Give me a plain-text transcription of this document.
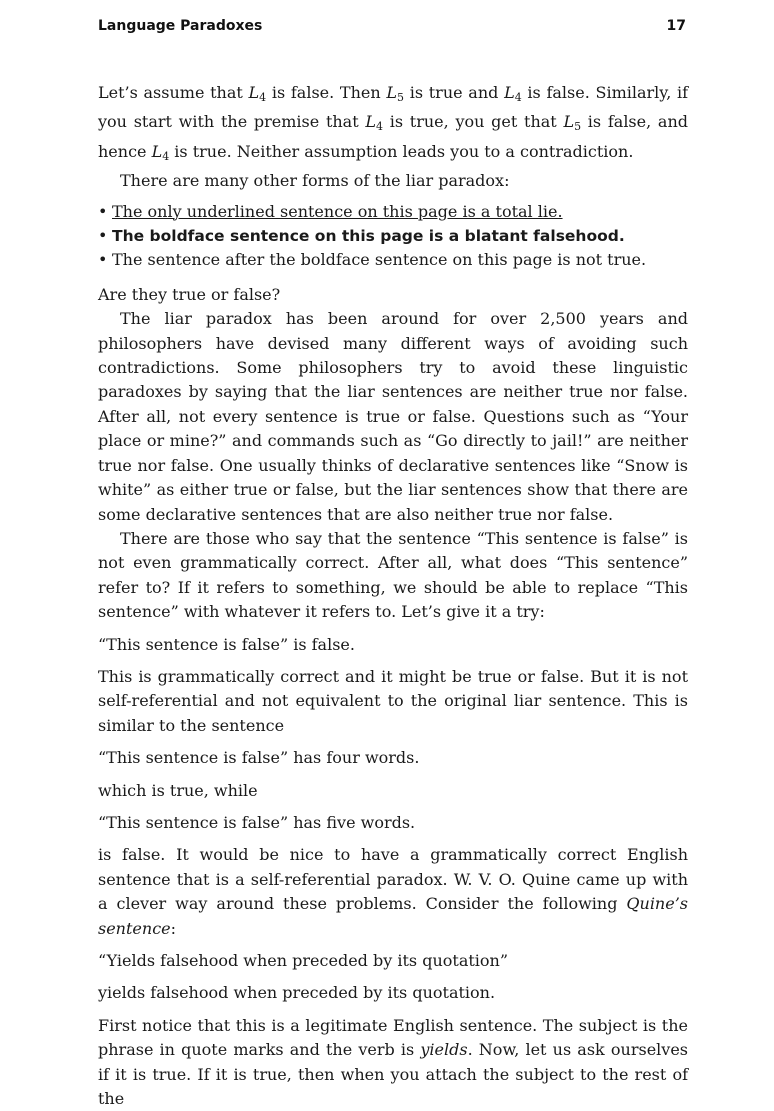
Language Paradoxes	17

Let’s assume that $L_4$ is false. Then $L_5$ is true and $L_4$ is false. Similarly, if you start with the premise that $L_4$ is true, you get that $L_5$ is false, and hence $L_4$ is true. Neither assumption leads you to a contradiction.

There are many other forms of the liar paradox:

• The only underlined sentence on this page is a total lie.
• The boldface sentence on this page is a blatant falsehood.
• The sentence after the boldface sentence on this page is not true.

Are they true or false?

The liar paradox has been around for over 2,500 years and philosophers have devised many different ways of avoiding such contradictions. Some philosophers try to avoid these linguistic paradoxes by saying that the liar sentences are neither true nor false. After all, not every sentence is true or false. Questions such as “Your place or mine?” and commands such as “Go directly to jail!” are neither true nor false. One usually thinks of declarative sentences like “Snow is white” as either true or false, but the liar sentences show that there are some declarative sentences that are also neither true nor false.

There are those who say that the sentence “This sentence is false” is not even grammatically correct. After all, what does “This sentence” refer to? If it refers to something, we should be able to replace “This sentence” with whatever it refers to. Let’s give it a try:

“This sentence is false” is false.

This is grammatically correct and it might be true or false. But it is not self-referential and not equivalent to the original liar sentence. This is similar to the sentence

“This sentence is false” has four words.

which is true, while

“This sentence is false” has five words.

is false. It would be nice to have a grammatically correct English sentence that is a self-referential paradox. W. V. O. Quine came up with a clever way around these problems. Consider the following Quine’s sentence:

“Yields falsehood when preceded by its quotation”

yields falsehood when preceded by its quotation.

First notice that this is a legitimate English sentence. The subject is the phrase in quote marks and the verb is yields. Now, let us ask ourselves if it is true. If it is true, then when you attach the subject to the rest of the
